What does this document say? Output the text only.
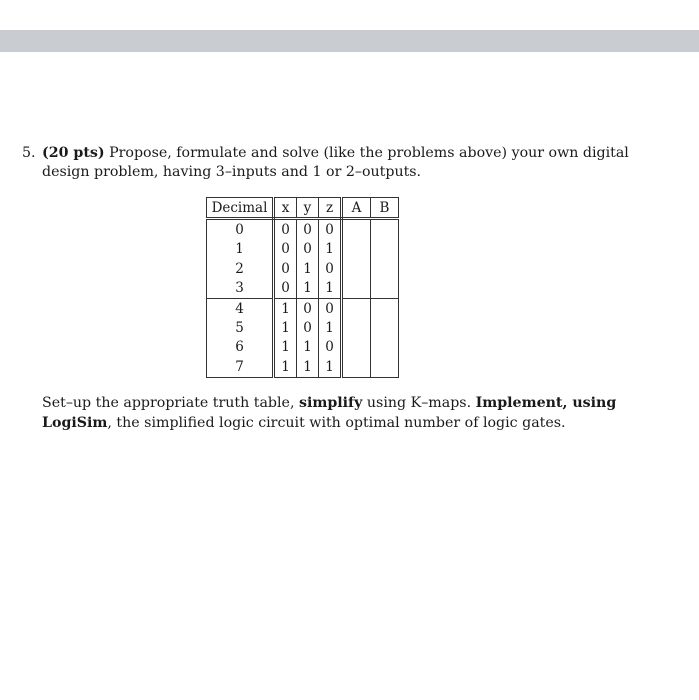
5. (20 pts) Propose, formulate and solve (like the problems above) your own digital
design problem, having 3–inputs and 1 or 2–outputs.
Decimal	x	y	z	A	B
0	0	0	0		
1	0	0	1		
2	0	1	0		
3	0	1	1		
4	1	0	0		
5	1	0	1		
6	1	1	0		
7	1	1	1		
Set–up the appropriate truth table, simplify using K–maps. Implement, using
LogiSim, the simplified logic circuit with optimal number of logic gates.
